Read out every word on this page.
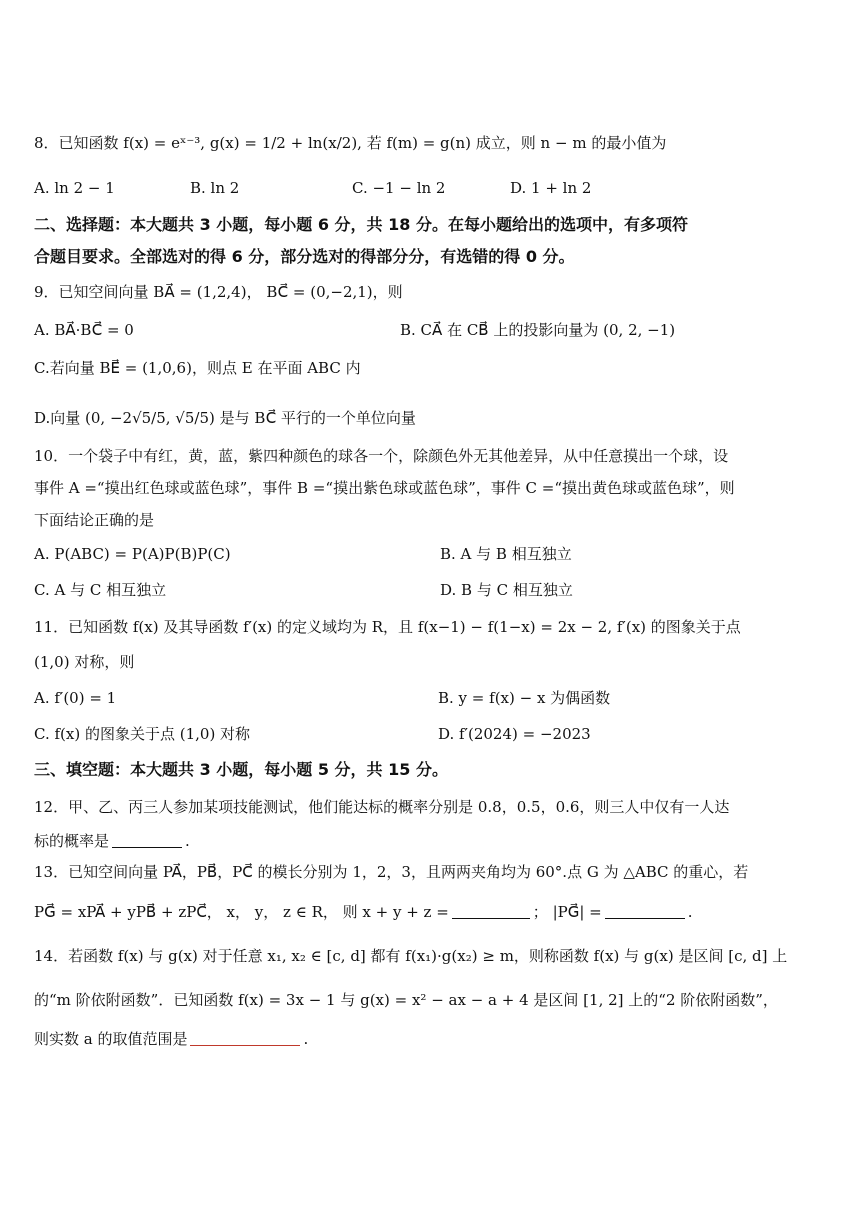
8．已知函数 f(x) = eˣ⁻³, g(x) = 1/2 + ln(x/2), 若 f(m) = g(n) 成立，则 n − m 的最小值为
A. ln 2 − 1	B. ln 2	C. −1 − ln 2	D. 1 + ln 2
二、选择题：本大题共 3 小题，每小题 6 分，共 18 分。在每小题给出的选项中，有多项符
合题目要求。全部选对的得 6 分，部分选对的得部分分，有选错的得 0 分。
9．已知空间向量 BA⃗ = (1,2,4)， BC⃗ = (0,−2,1)，则
A. BA⃗·BC⃗ = 0	B. CA⃗ 在 CB⃗ 上的投影向量为 (0, 2, −1)
C.若向量 BE⃗ = (1,0,6)，则点 E 在平面 ABC 内
D.向量 (0, −2√5/5, √5/5) 是与 BC⃗ 平行的一个单位向量
10．一个袋子中有红，黄，蓝，紫四种颜色的球各一个，除颜色外无其他差异，从中任意摸出一个球，设
事件 A =“摸出红色球或蓝色球”，事件 B =“摸出紫色球或蓝色球”，事件 C =“摸出黄色球或蓝色球”，则
下面结论正确的是
A. P(ABC) = P(A)P(B)P(C)	B. A 与 B 相互独立
C. A 与 C 相互独立	D. B 与 C 相互独立
11．已知函数 f(x) 及其导函数 f′(x) 的定义域均为 R，且 f(x−1) − f(1−x) = 2x − 2, f′(x) 的图象关于点
(1,0) 对称，则
A. f′(0) = 1	B. y = f(x) − x 为偶函数
C. f(x) 的图象关于点 (1,0) 对称	D. f′(2024) = −2023
三、填空题：本大题共 3 小题，每小题 5 分，共 15 分。
12．甲、乙、丙三人参加某项技能测试，他们能达标的概率分别是 0.8，0.5，0.6，则三人中仅有一人达
标的概率是	.
13．已知空间向量 PA⃗，PB⃗，PC⃗ 的模长分别为 1，2，3，且两两夹角均为 60°.点 G 为 △ABC 的重心，若
PG⃗ = xPA⃗ + yPB⃗ + zPC⃗， x， y， z ∈ R， 则 x + y + z =	； |PG⃗| =	.
14．若函数 f(x) 与 g(x) 对于任意 x₁, x₂ ∈ [c, d] 都有 f(x₁)·g(x₂) ≥ m，则称函数 f(x) 与 g(x) 是区间 [c, d] 上
的“m 阶依附函数”．已知函数 f(x) = 3x − 1 与 g(x) = x² − ax − a + 4 是区间 [1, 2] 上的“2 阶依附函数”，
则实数 a 的取值范围是	.
